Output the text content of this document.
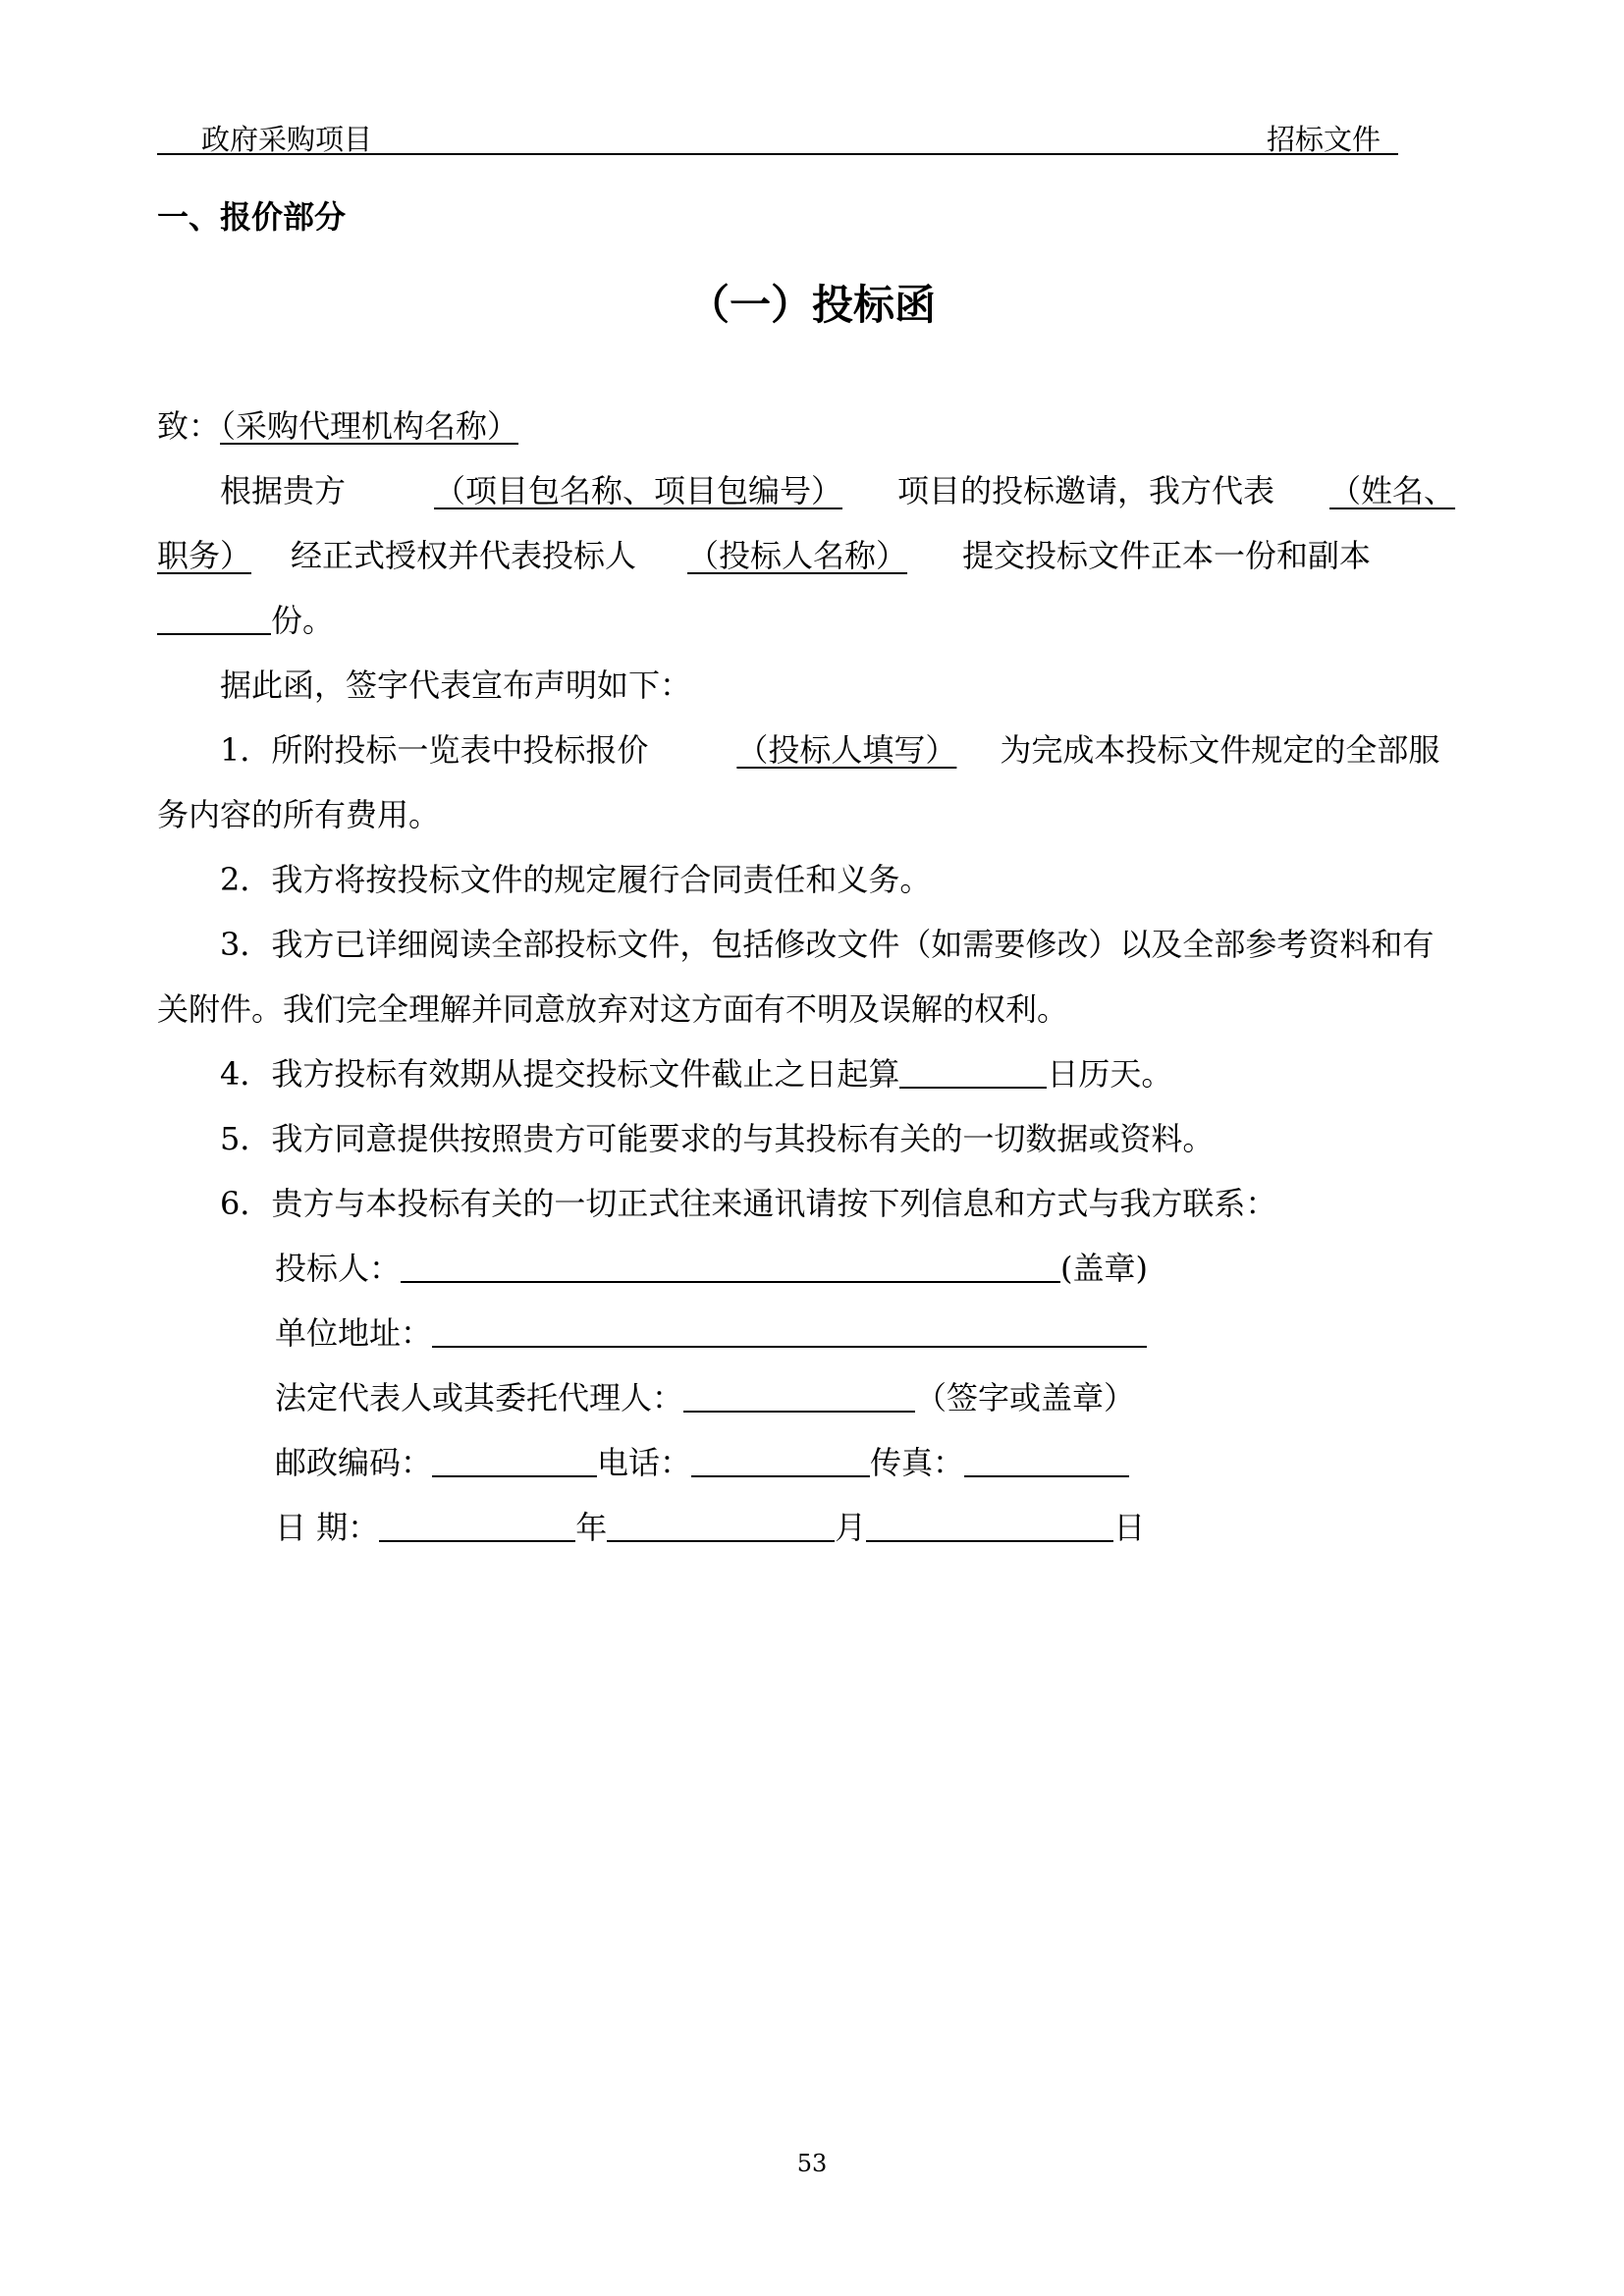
政府采购项目	招标文件
一、报价部分
（一）投标函
致：（采购代理机构名称）
根据贵方	（项目包名称、项目包编号） 项目的投标邀请，我方代表 （姓名、
职务） 经正式授权并代表投标人 （投标人名称） 提交投标文件正本一份和副本
份。
据此函，签字代表宣布声明如下：
1．所附投标一览表中投标报价	（投标人填写） 为完成本投标文件规定的全部服
务内容的所有费用。
2．我方将按投标文件的规定履行合同责任和义务。
3．我方已详细阅读全部投标文件，包括修改文件（如需要修改）以及全部参考资料和有
关附件。我们完全理解并同意放弃对这方面有不明及误解的权利。
4．我方投标有效期从提交投标文件截止之日起算	日历天。
5．我方同意提供按照贵方可能要求的与其投标有关的一切数据或资料。
6．贵方与本投标有关的一切正式往来通讯请按下列信息和方式与我方联系：
投标人：	(盖章)
单位地址：
法定代表人或其委托代理人：	（签字或盖章）
邮政编码：	电话：	传真：
日 期：	年	月	日
53
